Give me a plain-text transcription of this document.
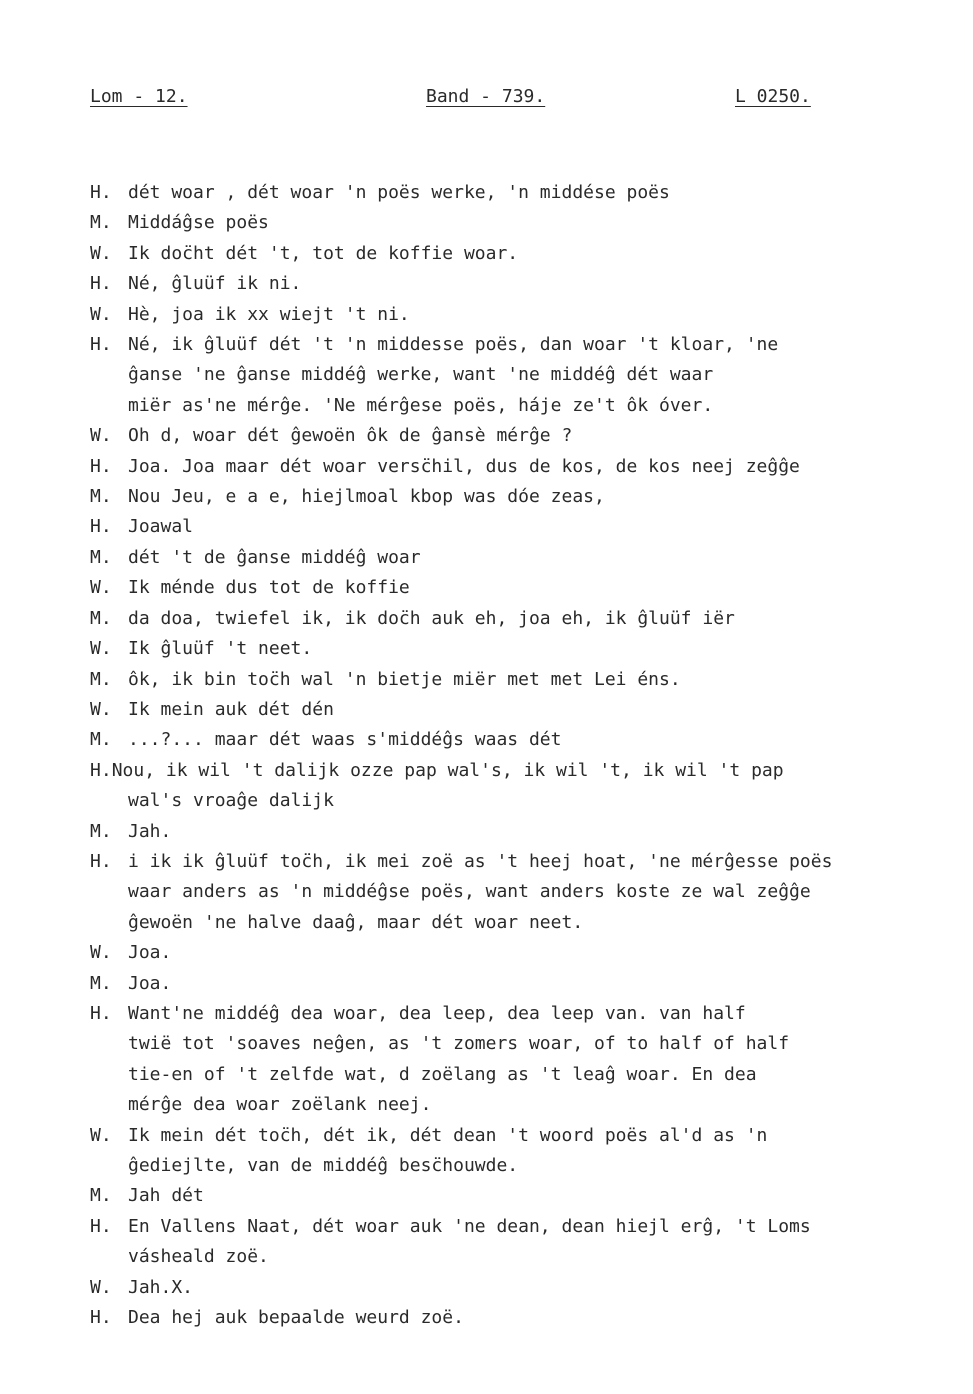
Lom - 12.	Band - 739.	L 0250.
H. dét woar , dét woar 'n poës werke, 'n middése poës
M. Middáĝse poës
W. Ik doc̈ht dét 't, tot de koffie woar.
H. Né, ĝluüf ik ni.
W. Hè, joa ik xx wiejt 't ni.
H. Né, ik ĝluüf dét 't 'n middesse poës, dan woar 't kloar, 'ne
ĝanse 'ne ĝanse middéĝ werke, want 'ne middéĝ dét waar
miër as'ne mérĝe. 'Ne mérĝese poës, háje ze't ôk óver.
W. Oh d, woar dét ĝewoën ôk de ĝansè mérĝe ?
H. Joa. Joa maar dét woar versc̈hil, dus de kos, de kos neej zeĝĝe
M. Nou Jeu, e a e, hiejlmoal kbop was dóe zeas,
H. Joawal
M. dét 't de ĝanse middéĝ woar
W. Ik ménde dus tot de koffie
M. da doa, twiefel ik, ik doc̈h auk eh, joa eh, ik ĝluüf iër
W. Ik ĝluüf 't neet.
M. ôk, ik bin toc̈h wal 'n bietje miër met met Lei éns.
W. Ik mein auk dét dén
M. ...?... maar dét waas s'middéĝs waas dét
H. Nou, ik wil 't dalijk ozze pap wal's, ik wil 't, ik wil 't pap
wal's vroaĝe dalijk
M. Jah.
H. i ik ik ĝluüf toc̈h, ik mei zoë as 't heej hoat, 'ne mérĝesse poës
waar anders as 'n middéĝse poës, want anders koste ze wal zeĝĝe
ĝewoën 'ne halve daaĝ, maar dét woar neet.
W. Joa.
M. Joa.
H. Want'ne middéĝ dea woar, dea leep, dea leep van. van half
twië tot 'soaves neĝen, as 't zomers woar, of to half of half
tie-en of 't zelfde wat, d zoëlang as 't leaĝ woar. En dea
mérĝe dea woar zoëlank neej.
W. Ik mein dét toc̈h, dét ik, dét dean 't woord poës al'd as 'n
ĝediejlte, van de middéĝ besc̈houwde.
M. Jah dét
H. En Vallens Naat, dét woar auk 'ne dean, dean hiejl erĝ, 't Loms
vásheald zoë.
W. Jah.X.
H. Dea hej auk bepaalde weurd zoë.
